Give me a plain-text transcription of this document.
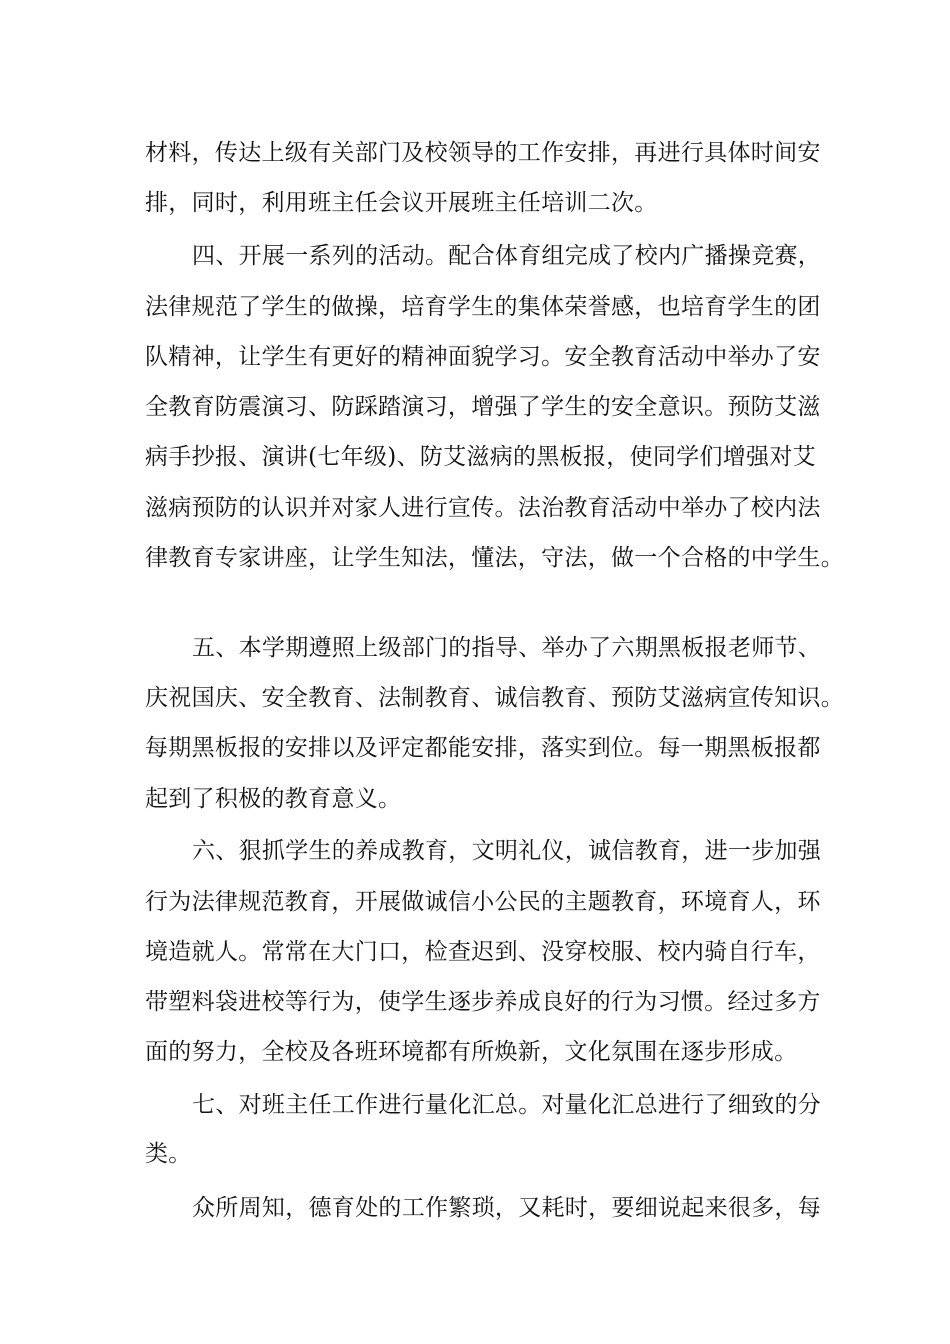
材料，传达上级有关部门及校领导的工作安排，再进行具体时间安
排，同时，利用班主任会议开展班主任培训二次。
四、开展一系列的活动。配合体育组完成了校内广播操竞赛，
法律规范了学生的做操，培育学生的集体荣誉感，也培育学生的团
队精神，让学生有更好的精神面貌学习。安全教育活动中举办了安
全教育防震演习、防踩踏演习，增强了学生的安全意识。预防艾滋
病手抄报、演讲(七年级)、防艾滋病的黑板报，使同学们增强对艾
滋病预防的认识并对家人进行宣传。法治教育活动中举办了校内法
律教育专家讲座，让学生知法，懂法，守法，做一个合格的中学生。
五、本学期遵照上级部门的指导、举办了六期黑板报老师节、
庆祝国庆、安全教育、法制教育、诚信教育、预防艾滋病宣传知识。
每期黑板报的安排以及评定都能安排，落实到位。每一期黑板报都
起到了积极的教育意义。
六、狠抓学生的养成教育，文明礼仪，诚信教育，进一步加强
行为法律规范教育，开展做诚信小公民的主题教育，环境育人，环
境造就人。常常在大门口，检查迟到、没穿校服、校内骑自行车，
带塑料袋进校等行为，使学生逐步养成良好的行为习惯。经过多方
面的努力，全校及各班环境都有所焕新，文化氛围在逐步形成。
七、对班主任工作进行量化汇总。对量化汇总进行了细致的分
类。
众所周知，德育处的工作繁琐，又耗时，要细说起来很多，每
